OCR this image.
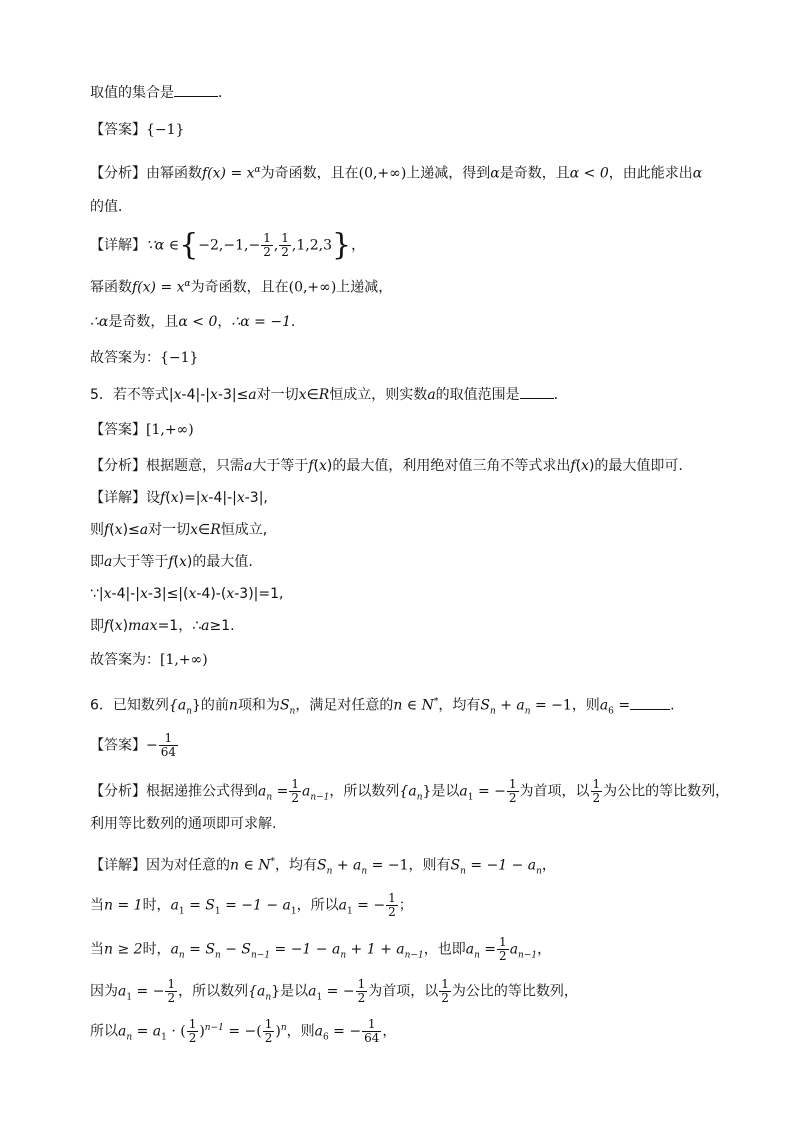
取值的集合是	．
【答案】{−1}
【分析】由幂函数$f(x) = x^\alpha$为奇函数，且在(0,+∞)上递减，得到α是奇数，且α < 0，由此能求出α
的值．
【详解】∵α ∈{−2,−1,− $\frac{1}{2}$ , $\frac{1}{2} ,1,2,3$}，
幂函数$f(x) = x^\alpha$为奇函数，且在(0,+∞)上递减，
∴α是奇数，且α < 0，∴α = −1．
故答案为：{−1}
5．若不等式|x-4|-|x-3|≤a对一切x∈R恒成立，则实数a的取值范围是 .
【答案】[1,+∞)
【分析】根据题意，只需a大于等于f(x)的最大值，利用绝对值三角不等式求出f(x)的最大值即可.
【详解】设f(x)=|x-4|-|x-3|,
则f(x)≤a对一切x∈R恒成立,
即a大于等于f(x)的最大值.
∵|x-4|-|x-3|≤|(x-4)-(x-3)|=1,
即f(x)max=1，∴a≥1.
故答案为：[1,+∞)
6．已知数列$\{a_n\}$的前n项和为$S_n$，满足对任意的n ∈ N*，均有$S_n + a_n = -1$，则$a_6$ =	.
【答案】− $\frac{1}{64}$
【分析】根据递推公式得到$a_n = \frac{1}{2} a_{n-1}$，所以数列$\{a_n\}$是以$a_1$ = − $\frac{1}{2}$ 为首项，以 $\frac{1}{2}$ 为公比的等比数列，
利用等比数列的通项即可求解.
【详解】因为对任意的n ∈ N*，均有$S_n + a_n = -1$，则有$S_n = -1 - a_n$，
当n = 1时，$a_1 = S_1 = -1 - a_1$，所以$a_1$ = − $\frac{1}{2}$ ；
当n ≥ 2时，$a_n = S_n - S_{n-1} = -1 - a_n + 1 + a_{n-1}$，也即$a_n = \frac{1}{2} a_{n-1}$，
因为$a_1$ = − $\frac{1}{2}$ ，所以数列$\{a_n\}$是以$a_1$ = − $\frac{1}{2}$ 为首项，以 $\frac{1}{2}$ 为公比的等比数列，
所以$a_n = a_1$ · ( $\frac{1}{2} )^{n-1}$ = −( $\frac{1}{2} )^n$，则$a_6$ = − $\frac{1}{64}$ ，
